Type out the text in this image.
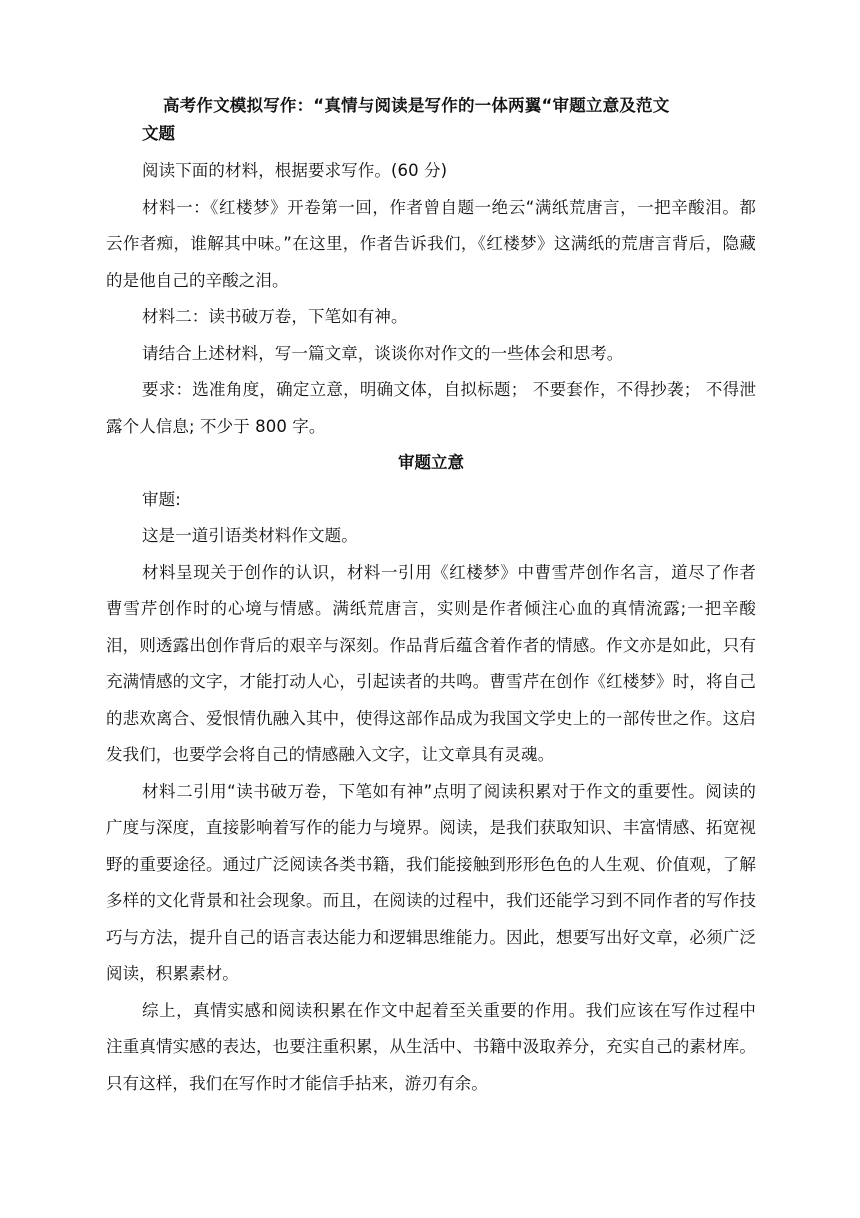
高考作文模拟写作：“真情与阅读是写作的一体两翼“审题立意及范文

文题

阅读下面的材料，根据要求写作。(60 分)

材料一：《红楼梦》开卷第一回，作者曾自题一绝云“满纸荒唐言，一把辛酸泪。都云作者痴，谁解其中味。”在这里，作者告诉我们，《红楼梦》这满纸的荒唐言背后，隐藏的是他自己的辛酸之泪。

材料二：读书破万卷，下笔如有神。

请结合上述材料，写一篇文章，谈谈你对作文的一些体会和思考。

要求：选准角度，确定立意，明确文体，自拟标题； 不要套作，不得抄袭； 不得泄露个人信息; 不少于 800 字。

审题立意

审题:

这是一道引语类材料作文题。

材料呈现关于创作的认识，材料一引用《红楼梦》中曹雪芹创作名言，道尽了作者曹雪芹创作时的心境与情感。满纸荒唐言，实则是作者倾注心血的真情流露;一把辛酸泪，则透露出创作背后的艰辛与深刻。作品背后蕴含着作者的情感。作文亦是如此，只有充满情感的文字，才能打动人心，引起读者的共鸣。曹雪芹在创作《红楼梦》时，将自己的悲欢离合、爱恨情仇融入其中，使得这部作品成为我国文学史上的一部传世之作。这启发我们，也要学会将自己的情感融入文字，让文章具有灵魂。

材料二引用“读书破万卷，下笔如有神”点明了阅读积累对于作文的重要性。阅读的广度与深度，直接影响着写作的能力与境界。阅读，是我们获取知识、丰富情感、拓宽视野的重要途径。通过广泛阅读各类书籍，我们能接触到形形色色的人生观、价值观，了解多样的文化背景和社会现象。而且，在阅读的过程中，我们还能学习到不同作者的写作技巧与方法，提升自己的语言表达能力和逻辑思维能力。因此，想要写出好文章，必须广泛阅读，积累素材。

综上，真情实感和阅读积累在作文中起着至关重要的作用。我们应该在写作过程中注重真情实感的表达，也要注重积累，从生活中、书籍中汲取养分，充实自己的素材库。只有这样，我们在写作时才能信手拈来，游刃有余。
